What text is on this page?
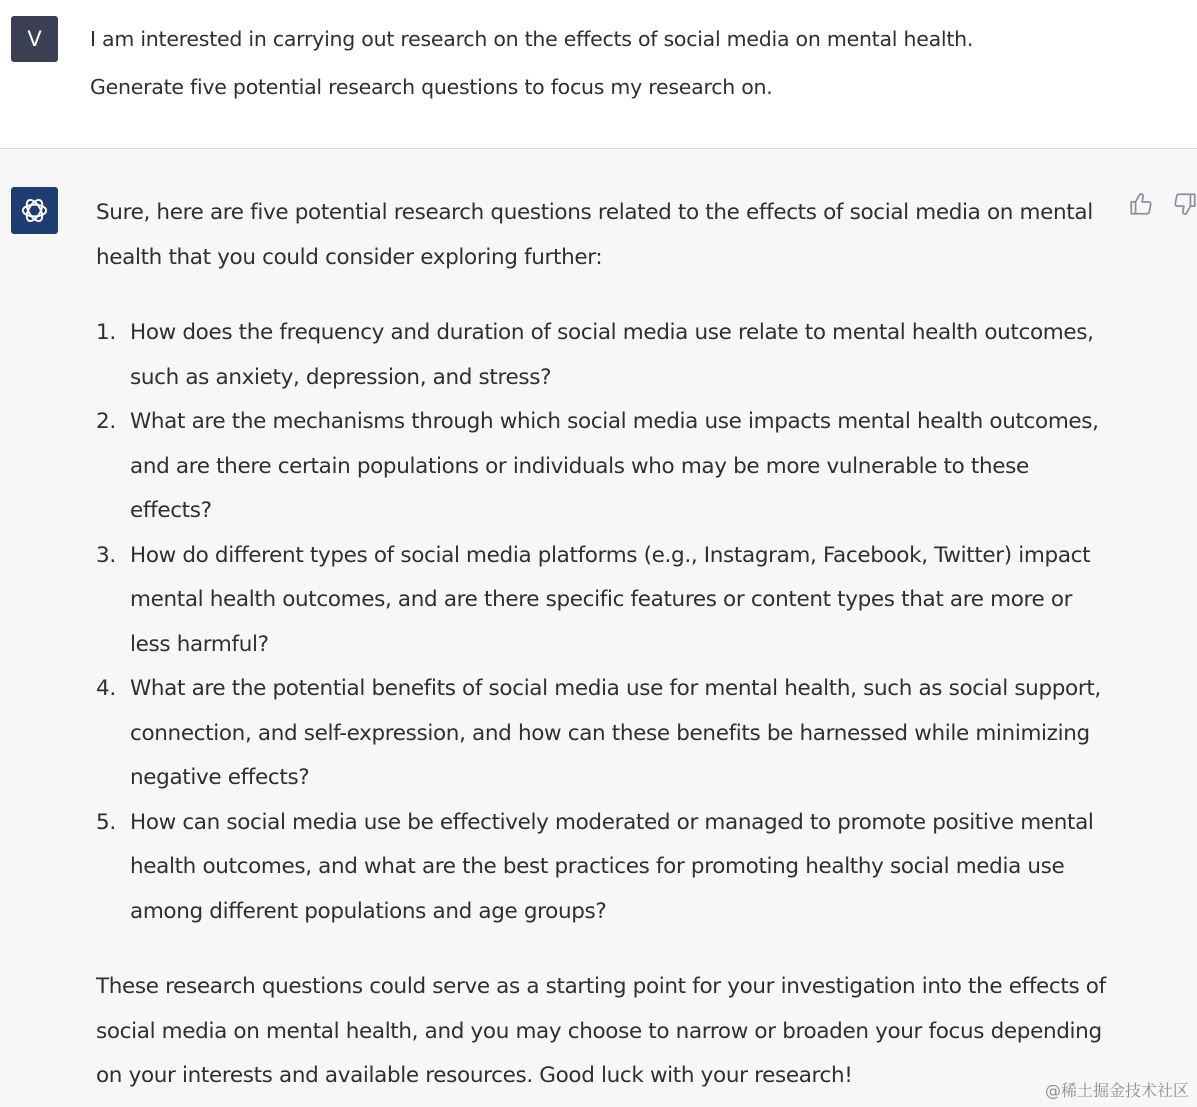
V	I am interested in carrying out research on the effects of social media on mental health.
Generate five potential research questions to focus my research on.

Sure, here are five potential research questions related to the effects of social media on mental health that you could consider exploring further:

1. How does the frequency and duration of social media use relate to mental health outcomes, such as anxiety, depression, and stress?
2. What are the mechanisms through which social media use impacts mental health outcomes, and are there certain populations or individuals who may be more vulnerable to these effects?
3. How do different types of social media platforms (e.g., Instagram, Facebook, Twitter) impact mental health outcomes, and are there specific features or content types that are more or less harmful?
4. What are the potential benefits of social media use for mental health, such as social support, connection, and self-expression, and how can these benefits be harnessed while minimizing negative effects?
5. How can social media use be effectively moderated or managed to promote positive mental health outcomes, and what are the best practices for promoting healthy social media use among different populations and age groups?

These research questions could serve as a starting point for your investigation into the effects of social media on mental health, and you may choose to narrow or broaden your focus depending on your interests and available resources. Good luck with your research!

@稀土掘金技术社区
